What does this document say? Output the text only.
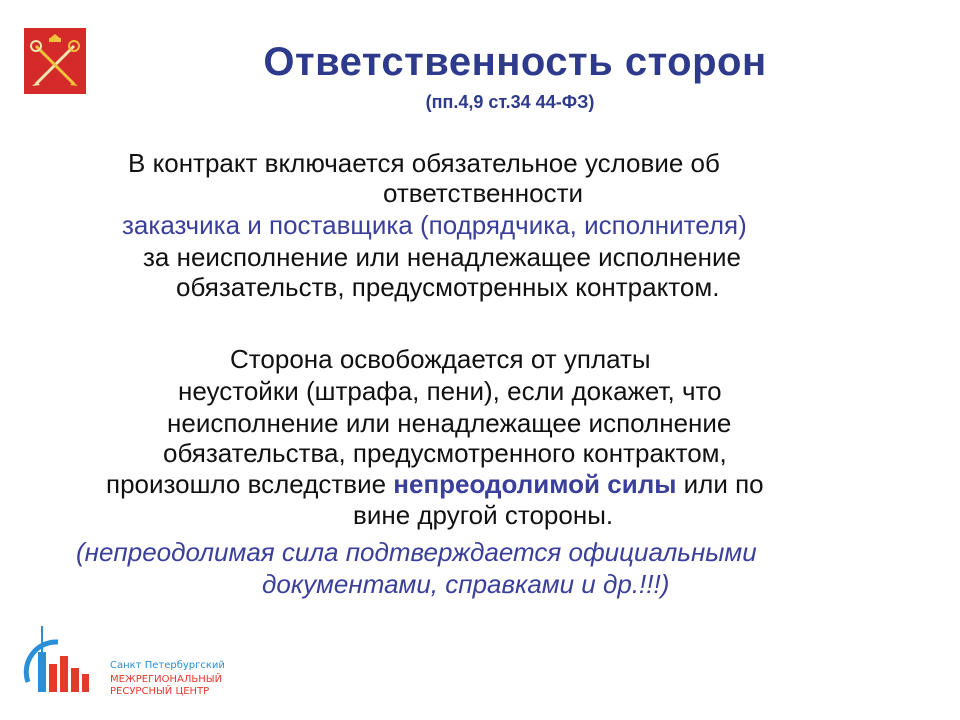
Ответственность сторон
(пп.4,9 ст.34 44-ФЗ)
В контракт включается обязательное условие об
ответственности
заказчика и поставщика (подрядчика, исполнителя)
за неисполнение или ненадлежащее исполнение
обязательств, предусмотренных контрактом.
Сторона освобождается от уплаты
неустойки (штрафа, пени), если докажет, что
неисполнение или ненадлежащее исполнение
обязательства, предусмотренного контрактом,
произошло вследствие непреодолимой силы или по
вине другой стороны.
(непреодолимая сила подтверждается официальными
документами, справками и др.!!!)
Санкт Петербургский
МЕЖРЕГИОНАЛЬНЫЙ
РЕСУРСНЫЙ ЦЕНТР
